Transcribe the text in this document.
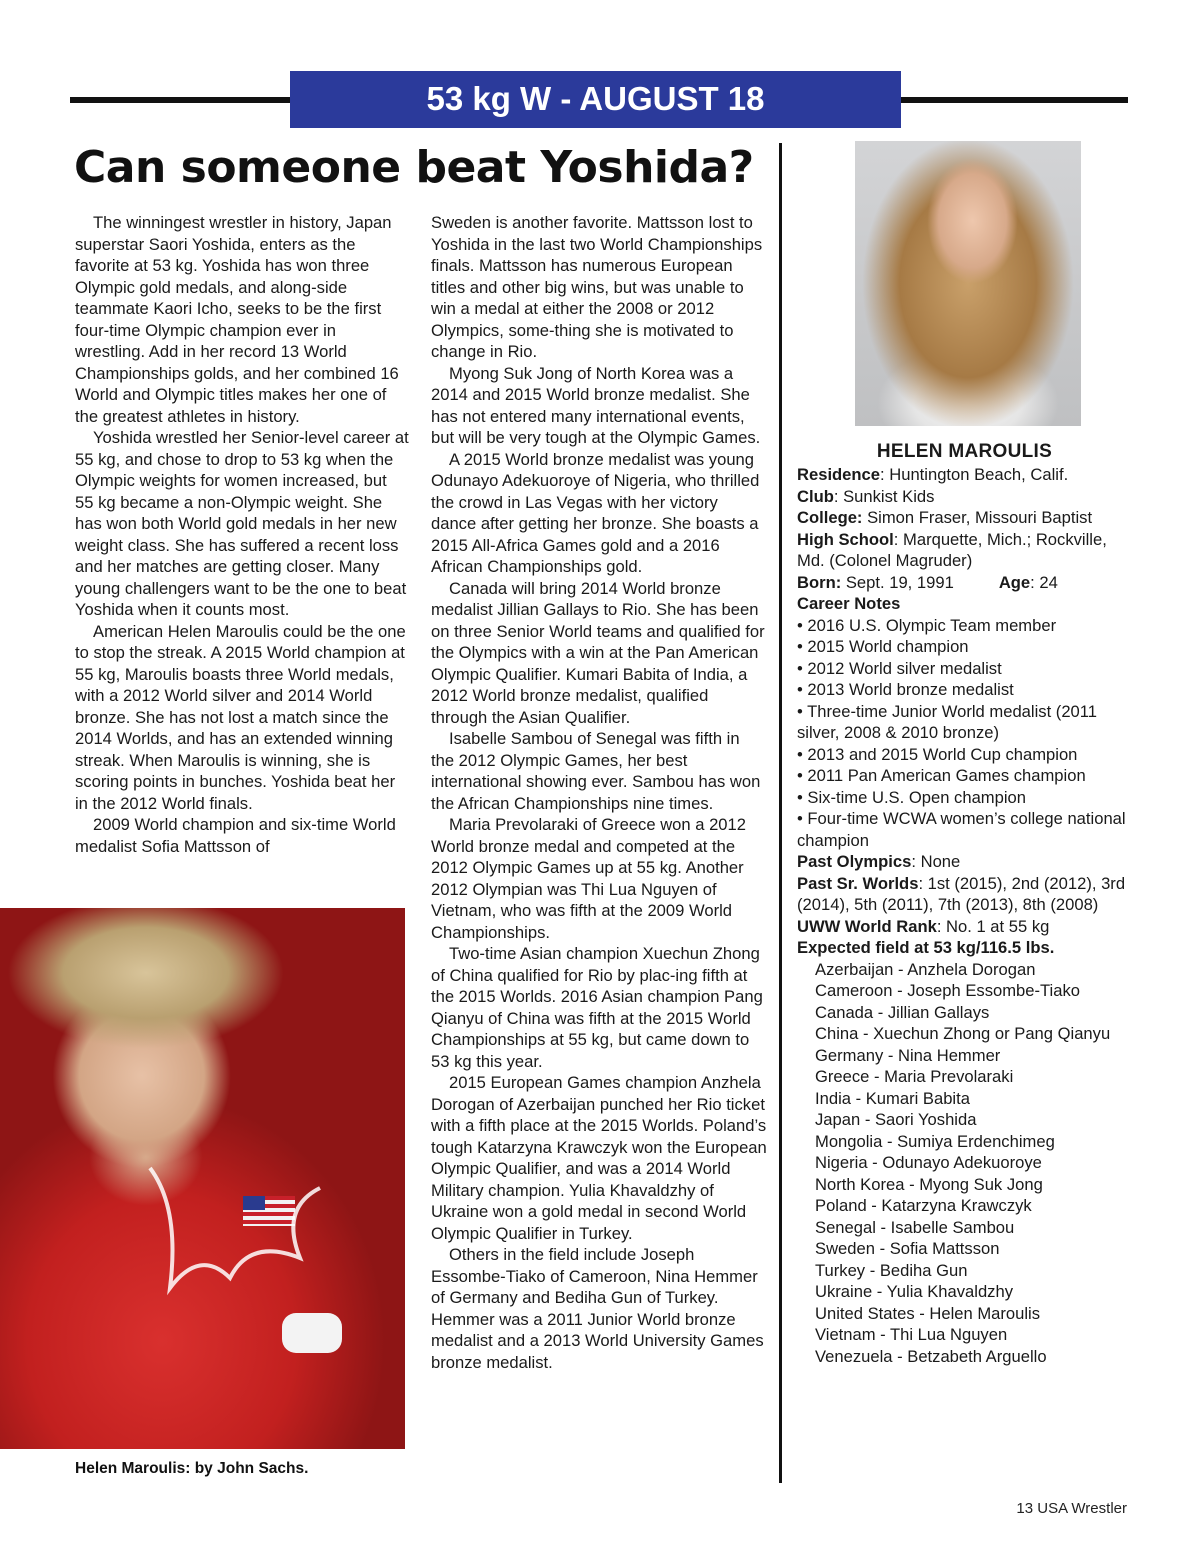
53 kg W - AUGUST 18
Can someone beat Yoshida?

The winningest wrestler in history, Japan superstar Saori Yoshida, enters as the favorite at 53 kg. Yoshida has won three Olympic gold medals, and along-side teammate Kaori Icho, seeks to be the first four-time Olympic champion ever in wrestling. Add in her record 13 World Championships golds, and her combined 16 World and Olympic titles makes her one of the greatest athletes in history.

Yoshida wrestled her Senior-level career at 55 kg, and chose to drop to 53 kg when the Olympic weights for women increased, but 55 kg became a non-Olympic weight. She has won both World gold medals in her new weight class. She has suffered a recent loss and her matches are getting closer. Many young challengers want to be the one to beat Yoshida when it counts most.

American Helen Maroulis could be the one to stop the streak. A 2015 World champion at 55 kg, Maroulis boasts three World medals, with a 2012 World silver and 2014 World bronze. She has not lost a match since the 2014 Worlds, and has an extended winning streak. When Maroulis is winning, she is scoring points in bunches. Yoshida beat her in the 2012 World finals.

2009 World champion and six-time World medalist Sofia Mattsson of

Sweden is another favorite. Mattsson lost to Yoshida in the last two World Championships finals. Mattsson has numerous European titles and other big wins, but was unable to win a medal at either the 2008 or 2012 Olympics, some-thing she is motivated to change in Rio.

Myong Suk Jong of North Korea was a 2014 and 2015 World bronze medalist. She has not entered many international events, but will be very tough at the Olympic Games.

A 2015 World bronze medalist was young Odunayo Adekuoroye of Nigeria, who thrilled the crowd in Las Vegas with her victory dance after getting her bronze. She boasts a 2015 All-Africa Games gold and a 2016 African Championships gold.

Canada will bring 2014 World bronze medalist Jillian Gallays to Rio. She has been on three Senior World teams and qualified for the Olympics with a win at the Pan American Olympic Qualifier. Kumari Babita of India, a 2012 World bronze medalist, qualified through the Asian Qualifier.

Isabelle Sambou of Senegal was fifth in the 2012 Olympic Games, her best international showing ever. Sambou has won the African Championships nine times.

Maria Prevolaraki of Greece won a 2012 World bronze medal and competed at the 2012 Olympic Games up at 55 kg. Another 2012 Olympian was Thi Lua Nguyen of Vietnam, who was fifth at the 2009 World Championships.

Two-time Asian champion Xuechun Zhong of China qualified for Rio by plac-ing fifth at the 2015 Worlds. 2016 Asian champion Pang Qianyu of China was fifth at the 2015 World Championships at 55 kg, but came down to 53 kg this year.

2015 European Games champion Anzhela Dorogan of Azerbaijan punched her Rio ticket with a fifth place at the 2015 Worlds. Poland’s tough Katarzyna Krawczyk won the European Olympic Qualifier, and was a 2014 World Military champion. Yulia Khavaldzhy of Ukraine won a gold medal in second World Olympic Qualifier in Turkey.

Others in the field include Joseph Essombe-Tiako of Cameroon, Nina Hemmer of Germany and Bediha Gun of Turkey. Hemmer was a 2011 Junior World bronze medalist and a 2013 World University Games bronze medalist.

Helen Maroulis: by John Sachs.
HELEN MAROULIS
Residence: Huntington Beach, Calif.
Club: Sunkist Kids
College: Simon Fraser, Missouri Baptist
High School: Marquette, Mich.; Rockville, Md. (Colonel Magruder)
Born: Sept. 19, 1991	Age: 24
Career Notes
• 2016 U.S. Olympic Team member
• 2015 World champion
• 2012 World silver medalist
• 2013 World bronze medalist
• Three-time Junior World medalist (2011 silver, 2008 & 2010 bronze)
• 2013 and 2015 World Cup champion
• 2011 Pan American Games champion
• Six-time U.S. Open champion
• Four-time WCWA women’s college national champion
Past Olympics: None
Past Sr. Worlds: 1st (2015), 2nd (2012), 3rd (2014), 5th (2011), 7th (2013), 8th (2008)
UWW World Rank: No. 1 at 55 kg
Expected field at 53 kg/116.5 lbs.
Azerbaijan - Anzhela Dorogan
Cameroon - Joseph Essombe-Tiako
Canada - Jillian Gallays
China - Xuechun Zhong or Pang Qianyu
Germany - Nina Hemmer
Greece - Maria Prevolaraki
India - Kumari Babita
Japan - Saori Yoshida
Mongolia - Sumiya Erdenchimeg
Nigeria - Odunayo Adekuoroye
North Korea - Myong Suk Jong
Poland - Katarzyna Krawczyk
Senegal - Isabelle Sambou
Sweden - Sofia Mattsson
Turkey - Bediha Gun
Ukraine - Yulia Khavaldzhy
United States - Helen Maroulis
Vietnam - Thi Lua Nguyen
Venezuela - Betzabeth Arguello
13 USA Wrestler
